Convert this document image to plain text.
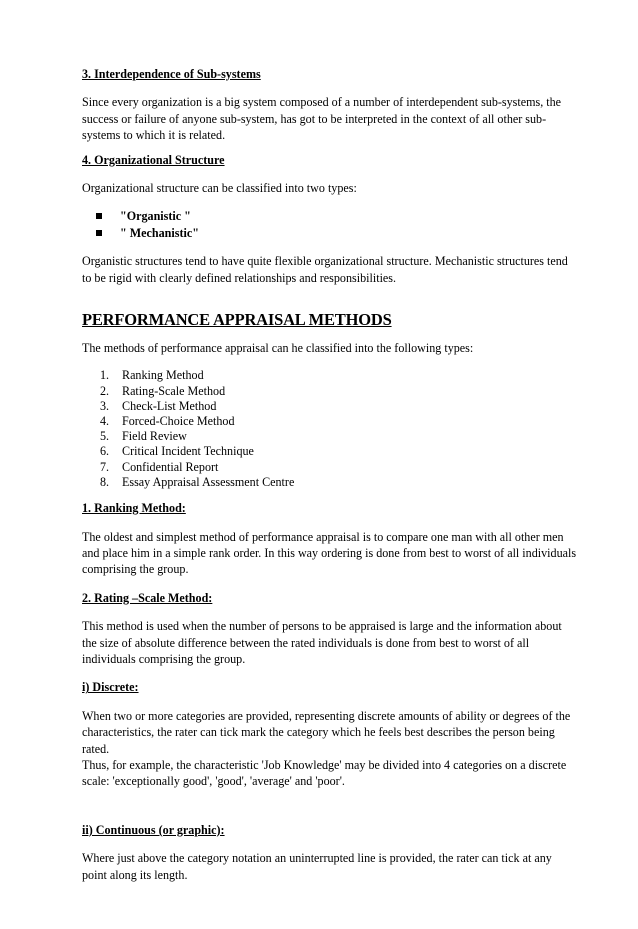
3. Interdependence of Sub-systems

Since every organization is a big system composed of a number of interdependent sub-systems, the success or failure of anyone sub-system, has got to be interpreted in the context of all other sub-systems to which it is related.

4. Organizational Structure

Organizational structure can be classified into two types:

"Organistic "
" Mechanistic"

Organistic structures tend to have quite flexible organizational structure. Mechanistic structures tend to be rigid with clearly defined relationships and responsibilities.

PERFORMANCE APPRAISAL METHODS

The methods of performance appraisal can he classified into the following types:

1. Ranking Method
2. Rating-Scale Method
3. Check-List Method
4. Forced-Choice Method
5. Field Review
6. Critical Incident Technique
7. Confidential Report
8. Essay Appraisal Assessment Centre

1. Ranking Method:

The oldest and simplest method of performance appraisal is to compare one man with all other men and place him in a simple rank order. In this way ordering is done from best to worst of all individuals comprising the group.

2. Rating –Scale Method:

This method is used when the number of persons to be appraised is large and the information about the size of absolute difference between the rated individuals is done from best to worst of all individuals comprising the group.

i) Discrete:

When two or more categories are provided, representing discrete amounts of ability or degrees of the characteristics, the rater can tick mark the category which he feels best describes the person being rated.

Thus, for example, the characteristic 'Job Knowledge' may be divided into 4 categories on a discrete scale: 'exceptionally good', 'good', 'average' and 'poor'.

ii) Continuous (or graphic):

Where just above the category notation an uninterrupted line is provided, the rater can tick at any point along its length.
